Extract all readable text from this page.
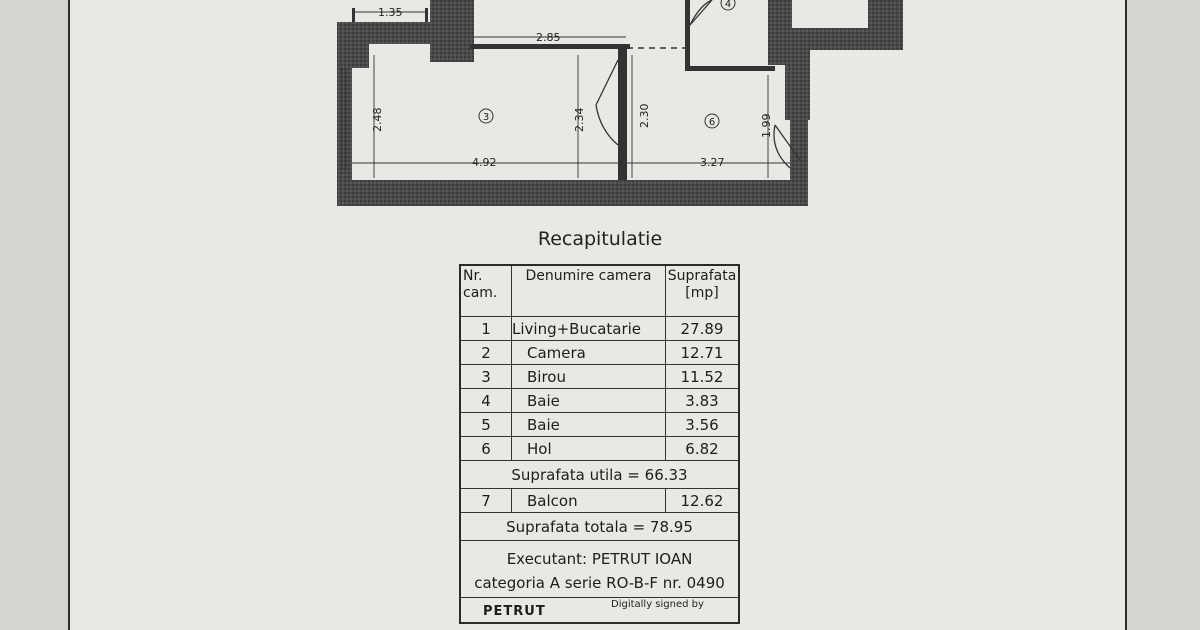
1.35
2.85
2.48	2.34	2.30	1.99
4.92	3.27
4
3	6
Recapitulatie
Nr. cam.	Denumire camera	Suprafata [mp]
1	Living+Bucatarie	27.89
2	Camera	12.71
3	Birou	11.52
4	Baie	3.83
5	Baie	3.56
6	Hol	6.82
Suprafata utila = 66.33		
7	Balcon	12.62
Suprafata totala = 78.95		

Executant: PETRUT IOAN
categoria A serie RO-B-F nr. 0490		

PETRUT Digitally signed by		
